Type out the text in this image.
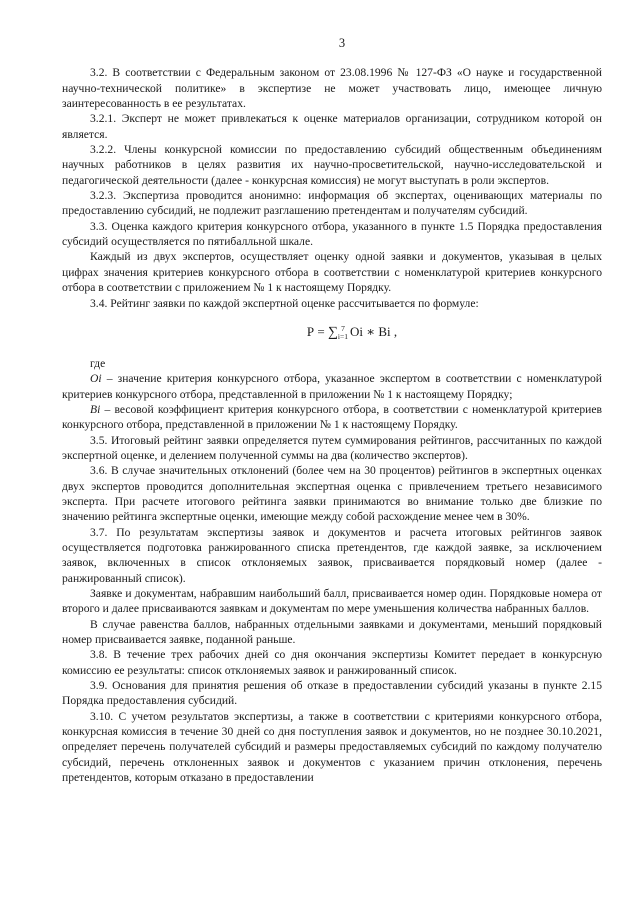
3

3.2. В соответствии с Федеральным законом от 23.08.1996 № 127-ФЗ «О науке и государственной научно-технической политике» в экспертизе не может участвовать лицо, имеющее личную заинтересованность в ее результатах.

3.2.1. Эксперт не может привлекаться к оценке материалов организации, сотрудником которой он является.

3.2.2. Члены конкурсной комиссии по предоставлению субсидий общественным объединениям научных работников в целях развития их научно-просветительской, научно-исследовательской и педагогической деятельности (далее - конкурсная комиссия) не могут выступать в роли экспертов.

3.2.3. Экспертиза проводится анонимно: информация об экспертах, оценивающих материалы по предоставлению субсидий, не подлежит разглашению претендентам и получателям субсидий.

3.3. Оценка каждого критерия конкурсного отбора, указанного в пункте 1.5 Порядка предоставления субсидий осуществляется по пятибалльной шкале.

Каждый из двух экспертов, осуществляет оценку одной заявки и документов, указывая в целых цифрах значения критериев конкурсного отбора в соответствии с номенклатурой критериев конкурсного отбора в соответствии с приложением № 1 к настоящему Порядку.

3.4. Рейтинг заявки по каждой экспертной оценке рассчитывается по формуле:

Р = ∑ 7
i=1 Оi ∗ Вi ,

где

Оi – значение критерия конкурсного отбора, указанное экспертом в соответствии с номенклатурой критериев конкурсного отбора, представленной в приложении № 1 к настоящему Порядку;

Вi – весовой коэффициент критерия конкурсного отбора, в соответствии с номенклатурой критериев конкурсного отбора, представленной в приложении № 1 к настоящему Порядку.

3.5. Итоговый рейтинг заявки определяется путем суммирования рейтингов, рассчитанных по каждой экспертной оценке, и делением полученной суммы на два (количество экспертов).

3.6. В случае значительных отклонений (более чем на 30 процентов) рейтингов в экспертных оценках двух экспертов проводится дополнительная экспертная оценка с привлечением третьего независимого эксперта. При расчете итогового рейтинга заявки принимаются во внимание только две близкие по значению рейтинга экспертные оценки, имеющие между собой расхождение менее чем в 30%.

3.7. По результатам экспертизы заявок и документов и расчета итоговых рейтингов заявок осуществляется подготовка ранжированного списка претендентов, где каждой заявке, за исключением заявок, включенных в список отклоняемых заявок, присваивается порядковый номер (далее - ранжированный список).

Заявке и документам, набравшим наибольший балл, присваивается номер один. Порядковые номера от второго и далее присваиваются заявкам и документам по мере уменьшения количества набранных баллов.

В случае равенства баллов, набранных отдельными заявками и документами, меньший порядковый номер присваивается заявке, поданной раньше.

3.8. В течение трех рабочих дней со дня окончания экспертизы Комитет передает в конкурсную комиссию ее результаты: список отклоняемых заявок и ранжированный список.

3.9. Основания для принятия решения об отказе в предоставлении субсидий указаны в пункте 2.15 Порядка предоставления субсидий.

3.10. С учетом результатов экспертизы, а также в соответствии с критериями конкурсного отбора, конкурсная комиссия в течение 30 дней со дня поступления заявок и документов, но не позднее 30.10.2021, определяет перечень получателей субсидий и размеры предоставляемых субсидий по каждому получателю субсидий, перечень отклоненных заявок и документов с указанием причин отклонения, перечень претендентов, которым отказано в предоставлении
